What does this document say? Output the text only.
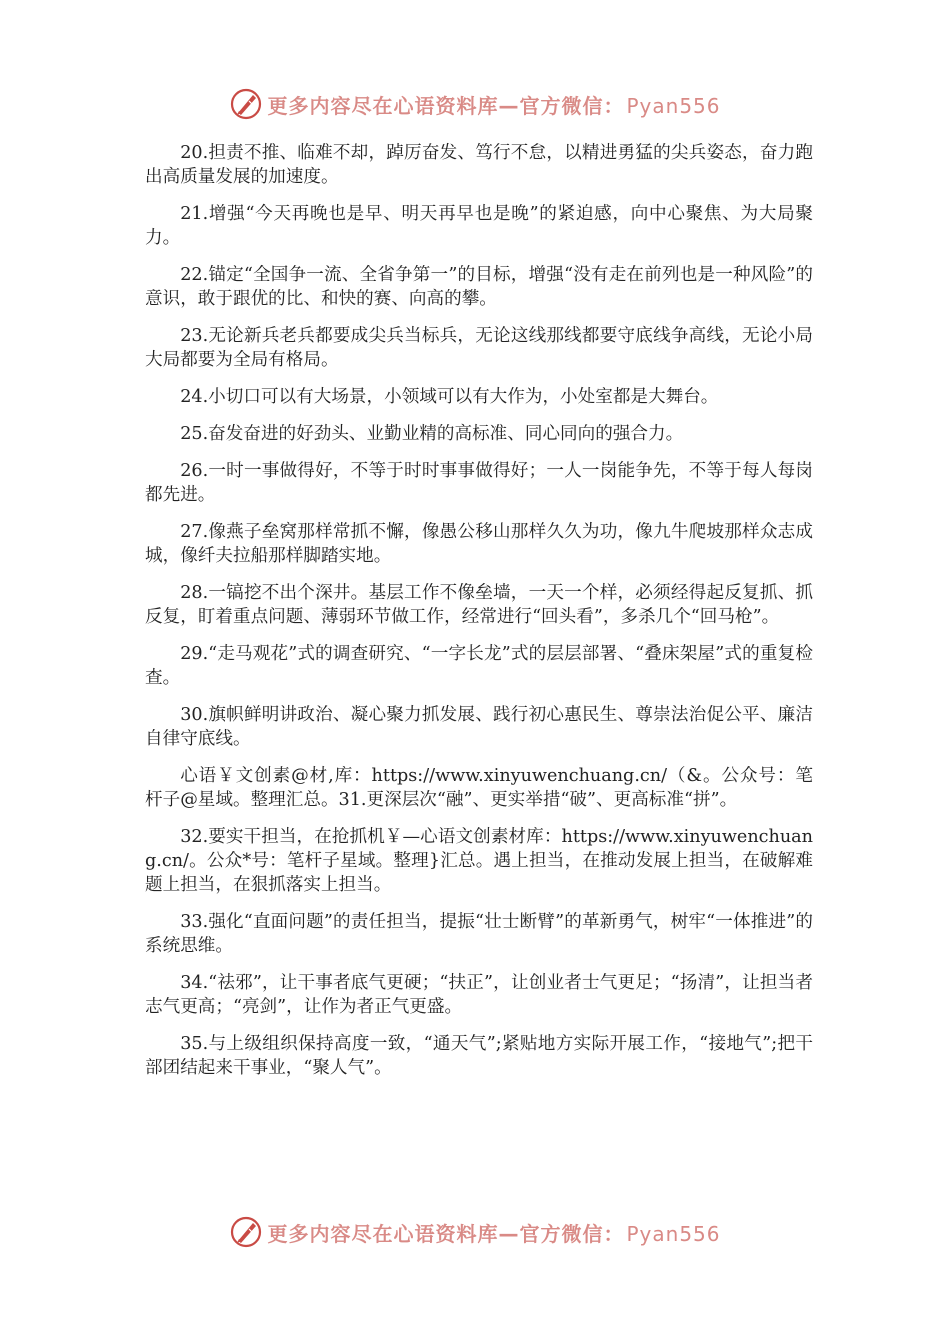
更多内容尽在心语资料库—官方微信： Pyan556

20.担责不推、临难不却，踔厉奋发、笃行不怠，以精进勇猛的尖兵姿态，奋力跑出高质量发展的加速度。

21.增强“今天再晚也是早、明天再早也是晚”的紧迫感，向中心聚焦、为大局聚力。

22.锚定“全国争一流、全省争第一”的目标，增强“没有走在前列也是一种风险”的意识，敢于跟优的比、和快的赛、向高的攀。

23.无论新兵老兵都要成尖兵当标兵，无论这线那线都要守底线争高线，无论小局大局都要为全局有格局。

24.小切口可以有大场景，小领域可以有大作为，小处室都是大舞台。

25.奋发奋进的好劲头、业勤业精的高标准、同心同向的强合力。

26.一时一事做得好，不等于时时事事做得好；一人一岗能争先，不等于每人每岗都先进。

27.像燕子垒窝那样常抓不懈，像愚公移山那样久久为功，像九牛爬坡那样众志成城，像纤夫拉船那样脚踏实地。

28.一镐挖不出个深井。基层工作不像垒墙，一天一个样，必须经得起反复抓、抓反复，盯着重点问题、薄弱环节做工作，经常进行“回头看”，多杀几个“回马枪”。

29.“走马观花”式的调查研究、“一字长龙”式的层层部署、“叠床架屋”式的重复检查。

30.旗帜鲜明讲政治、凝心聚力抓发展、践行初心惠民生、尊崇法治促公平、廉洁自律守底线。

心语￥文创素@材,库：https://www.xinyuwenchuang.cn/（&。公众号：笔杆子@星域。整理汇总。31.更深层次“融”、更实举措“破”、更高标准“拼”。

32.要实干担当，在抢抓机￥—心语文创素材库：https://www.xinyuwenchuang.cn/。公众*号：笔杆子星域。整理}汇总。遇上担当，在推动发展上担当，在破解难题上担当，在狠抓落实上担当。

33.强化“直面问题”的责任担当，提振“壮士断臂”的革新勇气，树牢“一体推进”的系统思维。

34.“祛邪”，让干事者底气更硬；“扶正”，让创业者士气更足；“扬清”，让担当者志气更高；“亮剑”，让作为者正气更盛。

35.与上级组织保持高度一致，“通天气”;紧贴地方实际开展工作，“接地气”;把干部团结起来干事业，“聚人气”。

更多内容尽在心语资料库—官方微信： Pyan556
